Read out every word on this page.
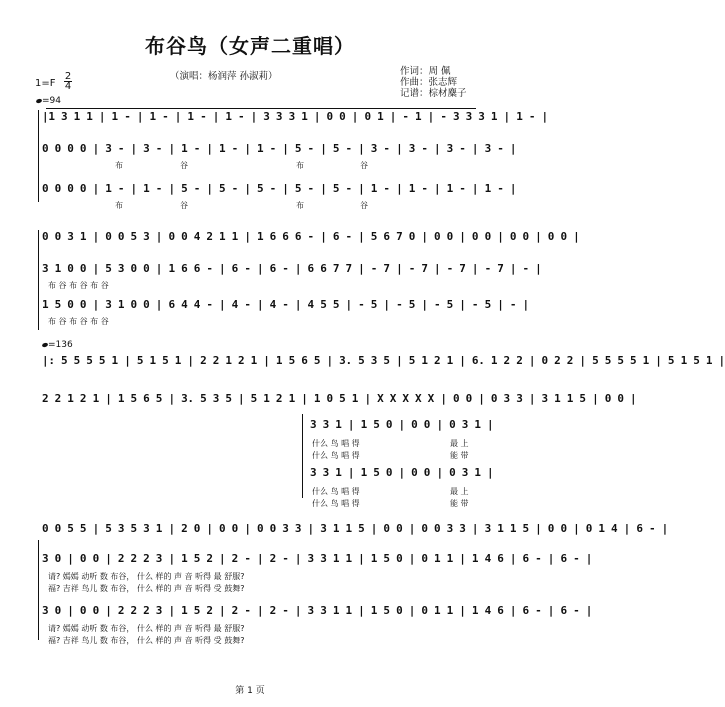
布谷鸟（女声二重唱）
（演唱：杨润萍 孙淑莉）	作词：周 佩
作曲：张志辉
记谱：棕材麋子
1=F
2
4
=94
|1 3 1 1 | 1 - | 1 - | 1 - | 1 - | 3 3 3 1 | 0 0 | 0 1 | - 1 | - 3 3 3 1 | 1 - |
0 0 0 0 | 3 - | 3 - | 1 - | 1 - | 1 - | 5 - | 5 - | 3 - | 3 - | 3 - | 3 - |
布	谷	布	谷
0 0 0 0 | 1 - | 1 - | 5 - | 5 - | 5 - | 5 - | 5 - | 1 - | 1 - | 1 - | 1 - |
布	谷	布	谷
0 0 3 1 | 0 0 5 3 | 0 0 4 2 1 1 | 1 6 6 6 - | 6 - | 5 6 7 0 | 0 0 | 0 0 | 0 0 | 0 0 |
3 1 0 0 | 5 3 0 0 | 1 6 6 - | 6 - | 6 - | 6 6 7 7 | - 7 | - 7 | - 7 | - 7 | - |
布 谷 布 谷 布 谷
1 5 0 0 | 3 1 0 0 | 6 4 4 - | 4 - | 4 - | 4 5 5 | - 5 | - 5 | - 5 | - 5 | - |
布 谷 布 谷 布 谷
=136
|: 5 5 5 5 1 | 5 1 5 1 | 2 2 1 2 1 | 1 5 6 5 | 3. 5 3 5 | 5 1 2 1 | 6. 1 2 2 | 0 2 2 | 5 5 5 5 1 | 5 1 5 1 |
2 2 1 2 1 | 1 5 6 5 | 3. 5 3 5 | 5 1 2 1 | 1 0 5 1 | X X X X X | 0 0 | 0 3 3 | 3 1 1 5 | 0 0 |
3 3 1 | 1 5 0 | 0 0 | 0 3 1 |
什么 鸟 唱 得	最 上
什么 鸟 唱 得	能 带
3 3 1 | 1 5 0 | 0 0 | 0 3 1 |
什么 鸟 唱 得	最 上
什么 鸟 唱 得	能 带
0 0 5 5 | 5 3 5 3 1 | 2 0 | 0 0 | 0 0 3 3 | 3 1 1 5 | 0 0 | 0 0 3 3 | 3 1 1 5 | 0 0 | 0 1 4 | 6 - |
3 0 | 0 0 | 2 2 2 3 | 1 5 2 | 2 - | 2 - | 3 3 1 1 | 1 5 0 | 0 1 1 | 1 4 6 | 6 - | 6 - |
请? 嫣嫣 动听 数 布谷， 什么 样的 声 音 听得 最 舒服?
福? 吉祥 鸟儿 数 布谷， 什么 样的 声 音 听得 受 鼓舞?
3 0 | 0 0 | 2 2 2 3 | 1 5 2 | 2 - | 2 - | 3 3 1 1 | 1 5 0 | 0 1 1 | 1 4 6 | 6 - | 6 - |
请? 嫣嫣 动听 数 布谷， 什么 样的 声 音 听得 最 舒服?
福? 吉祥 鸟儿 数 布谷， 什么 样的 声 音 听得 受 鼓舞?
第 1 页
